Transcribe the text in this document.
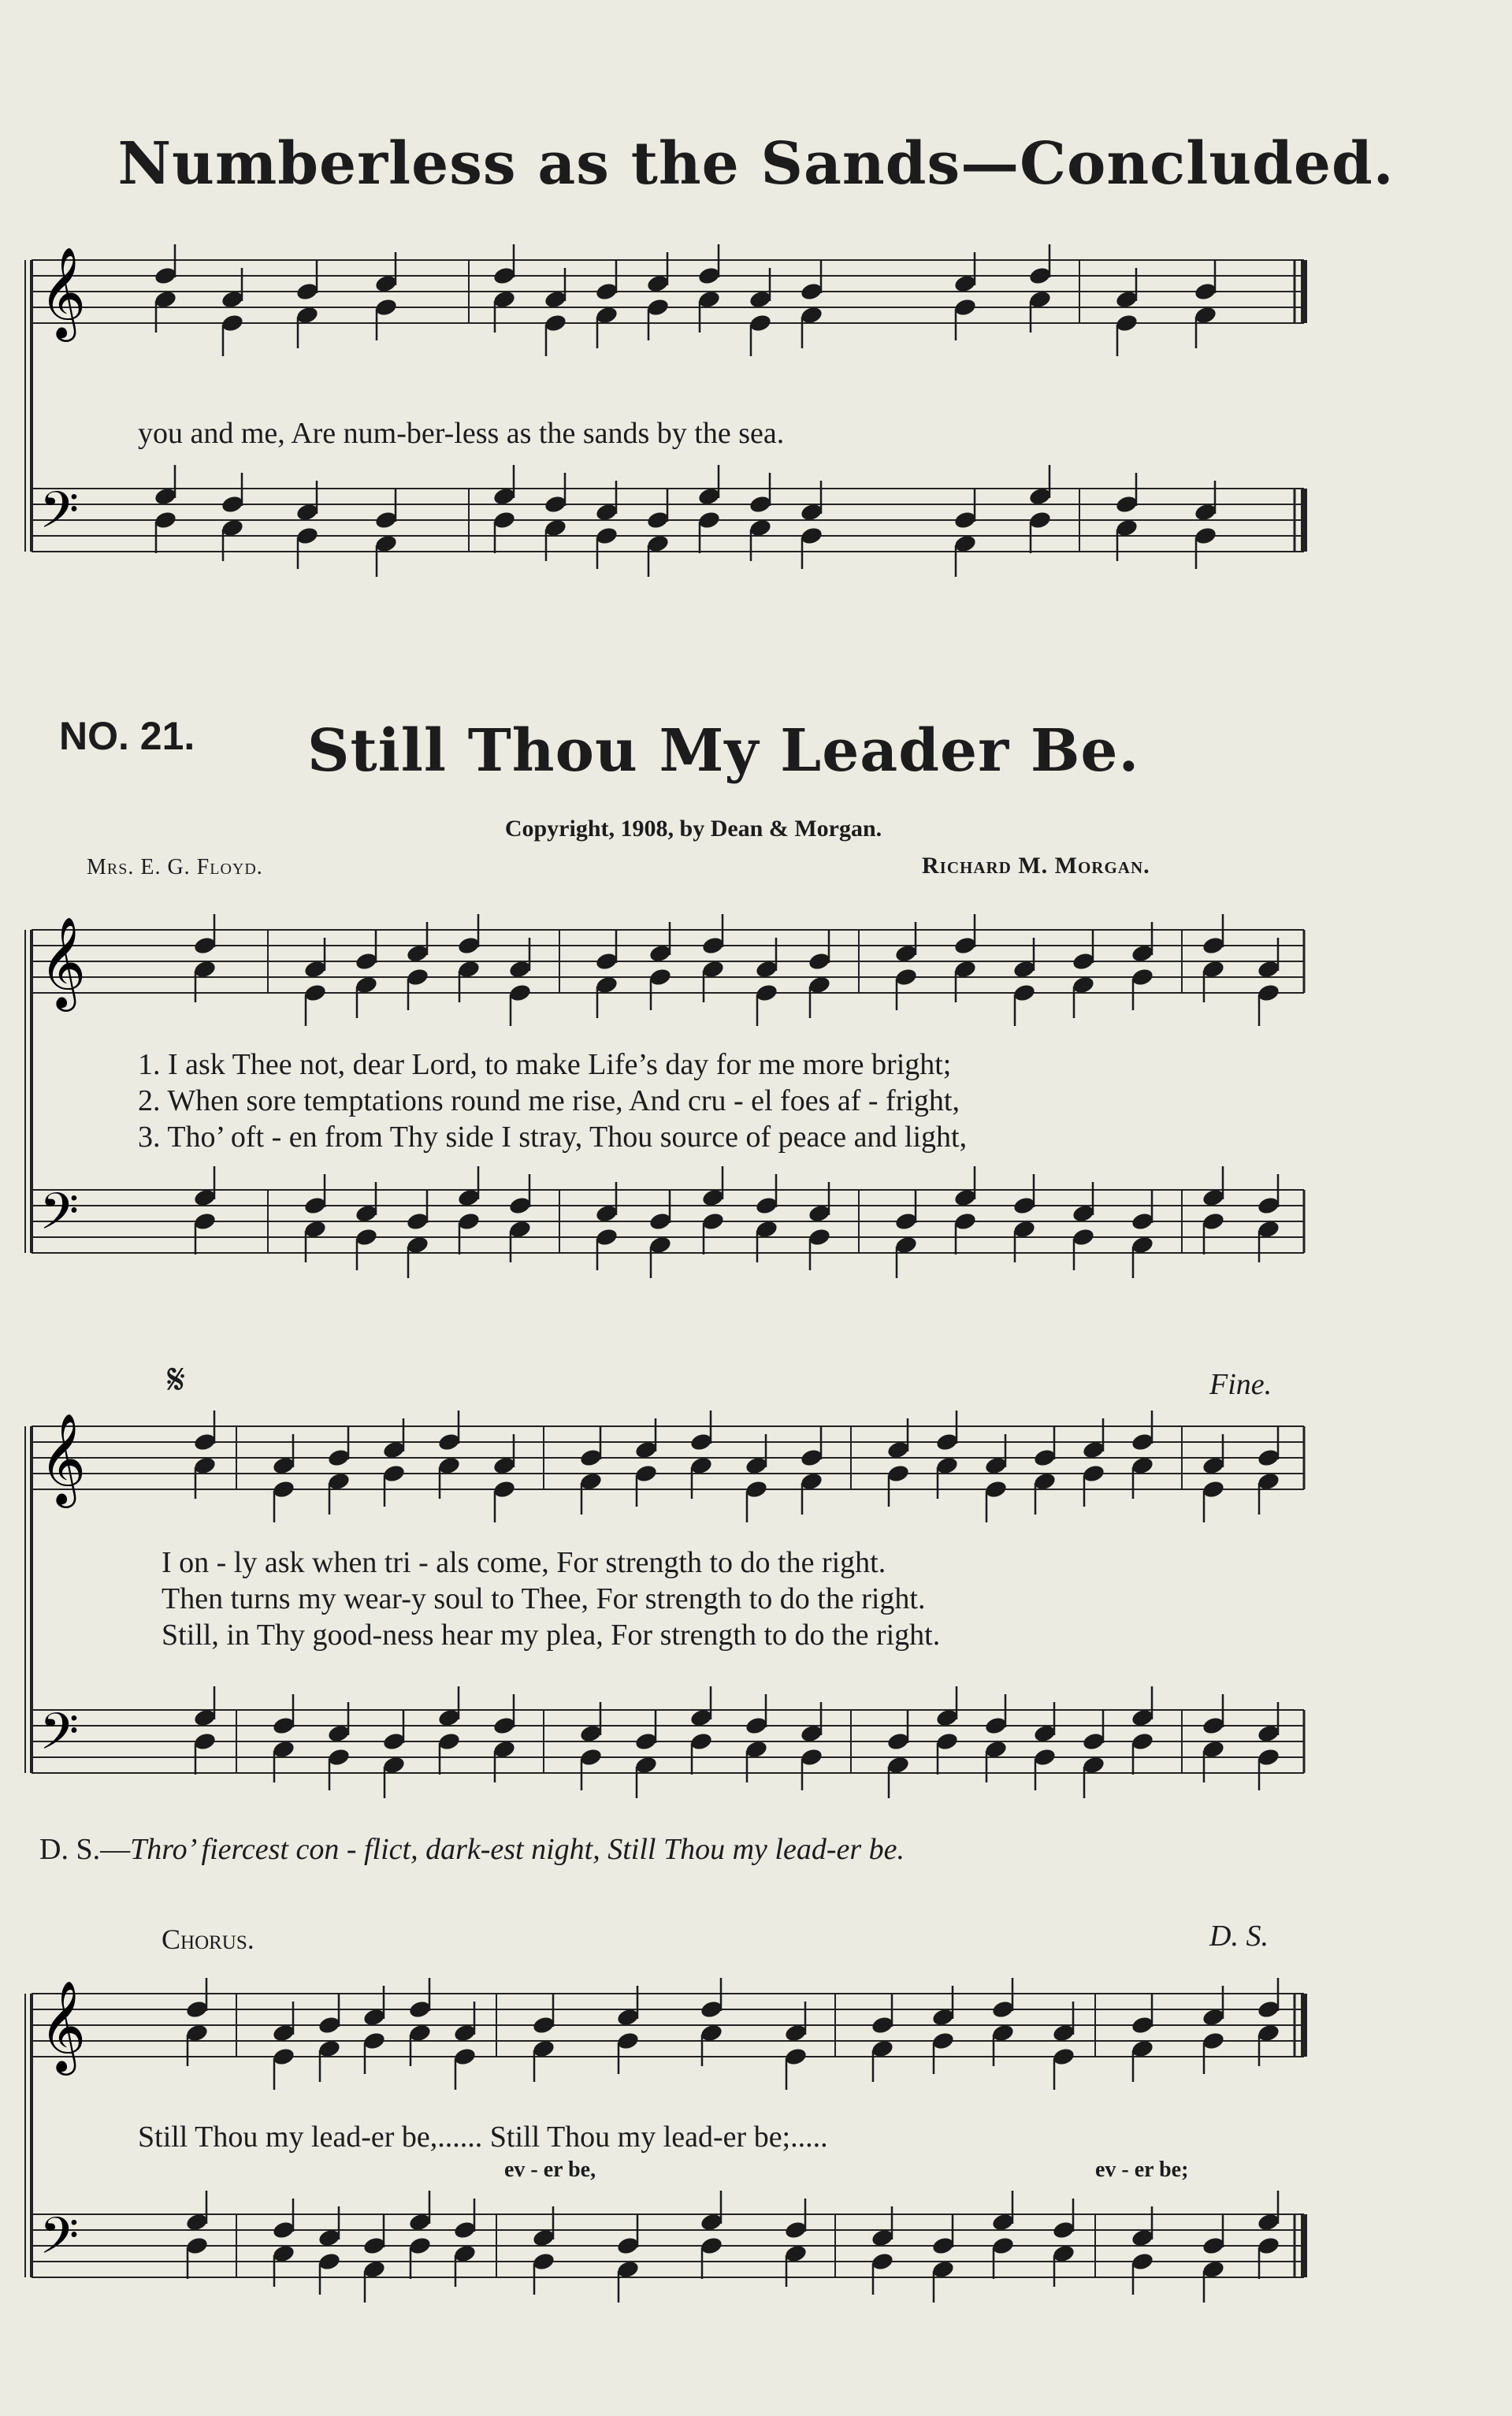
Numberless as the Sands—Concluded.
𝄞
𝄢
you and me, Are num-ber-less as the sands by the sea.
NO. 21. Still Thou My Leader Be.
Copyright, 1908, by Dean & Morgan.
Mrs. E. G. Floyd.	Richard M. Morgan.
𝄞
𝄢
1. I ask Thee not, dear Lord, to make Life’s day for me more bright;
2. When sore temptations round me rise, And cru - el foes af - fright,
3. Tho’ oft - en from Thy side I stray, Thou source of peace and light,
𝄋	Fine.
𝄞
𝄢
I on - ly ask when tri - als come, For strength to do the right.
Then turns my wear-y soul to Thee, For strength to do the right.
Still, in Thy good-ness hear my plea, For strength to do the right.
D. S.—Thro’ fiercest con - flict, dark-est night, Still Thou my lead-er be.
Chorus.	D. S.
𝄞
𝄢
Still Thou my lead-er be,...... Still Thou my lead-er be;.....
ev - er be,	ev - er be;
